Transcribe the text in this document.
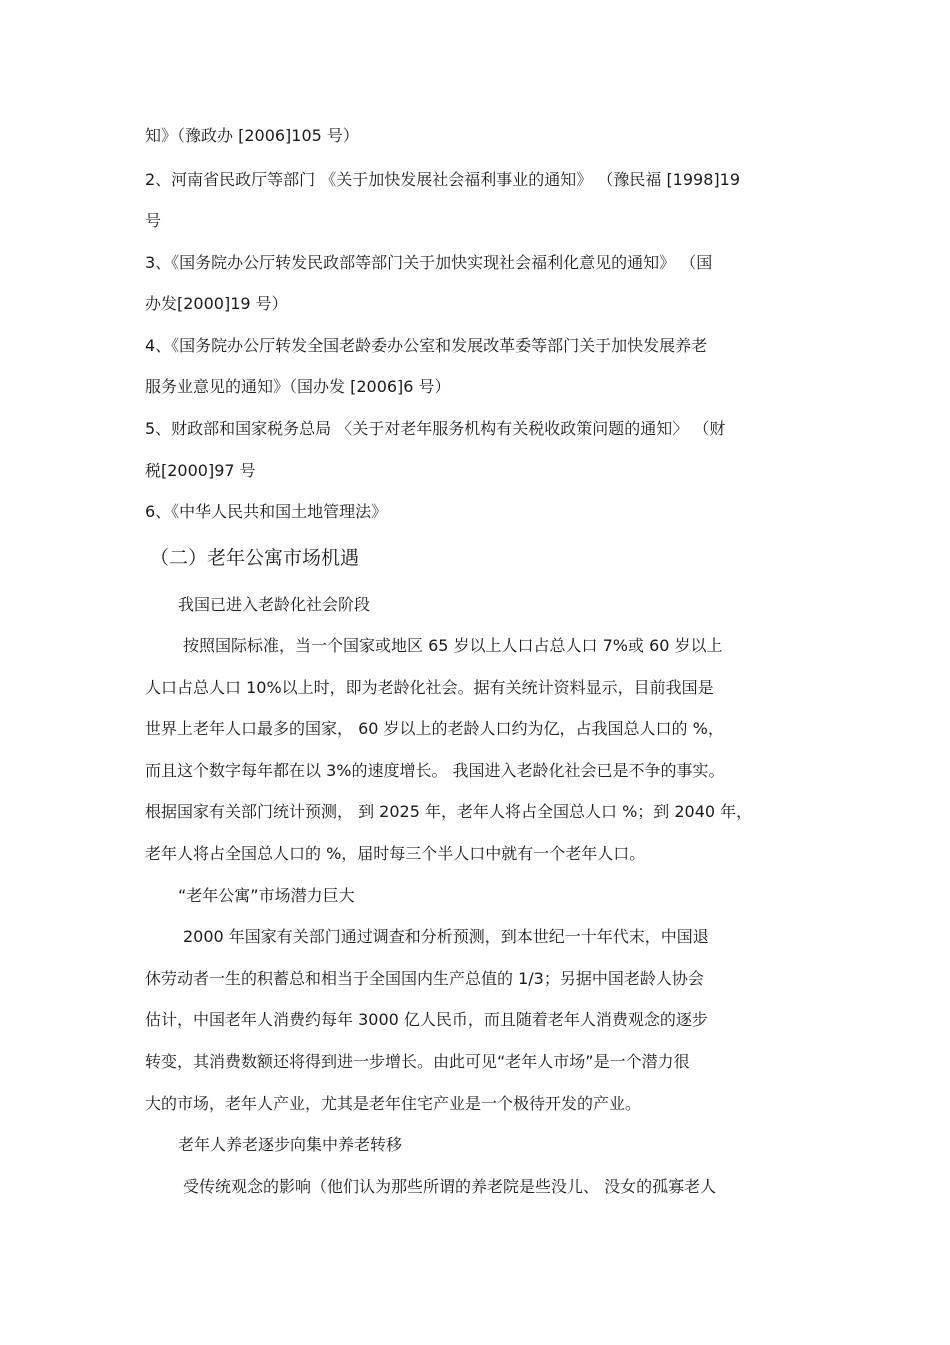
知》（豫政办 [2006]105 号）
2、河南省民政厅等部门 《关于加快发展社会福利事业的通知》 （豫民福 [1998]19
号
3、《国务院办公厅转发民政部等部门关于加快实现社会福利化意见的通知》 （国
办发[2000]19 号）
4、《国务院办公厅转发全国老龄委办公室和发展改革委等部门关于加快发展养老
服务业意见的通知》（国办发 [2006]6 号）
5、财政部和国家税务总局 〈关于对老年服务机构有关税收政策问题的通知〉 （财
税[2000]97 号
6、《中华人民共和国土地管理法》
（二）老年公寓市场机遇
我国已进入老龄化社会阶段
按照国际标准，当一个国家或地区 65 岁以上人口占总人口 7%或 60 岁以上
人口占总人口 10%以上时，即为老龄化社会。据有关统计资料显示，目前我国是
世界上老年人口最多的国家， 60 岁以上的老龄人口约为亿，占我国总人口的 %，
而且这个数字每年都在以 3%的速度增长。 我国进入老龄化社会已是不争的事实。
根据国家有关部门统计预测， 到 2025 年，老年人将占全国总人口 %；到 2040 年，
老年人将占全国总人口的 %，届时每三个半人口中就有一个老年人口。
“老年公寓”市场潜力巨大
2000 年国家有关部门通过调查和分析预测，到本世纪一十年代末，中国退
休劳动者一生的积蓄总和相当于全国国内生产总值的 1/3；另据中国老龄人协会
估计，中国老年人消费约每年 3000 亿人民币，而且随着老年人消费观念的逐步
转变，其消费数额还将得到进一步增长。由此可见“老年人市场”是一个潜力很
大的市场，老年人产业，尤其是老年住宅产业是一个极待开发的产业。
老年人养老逐步向集中养老转移
受传统观念的影响（他们认为那些所谓的养老院是些没儿、 没女的孤寡老人
